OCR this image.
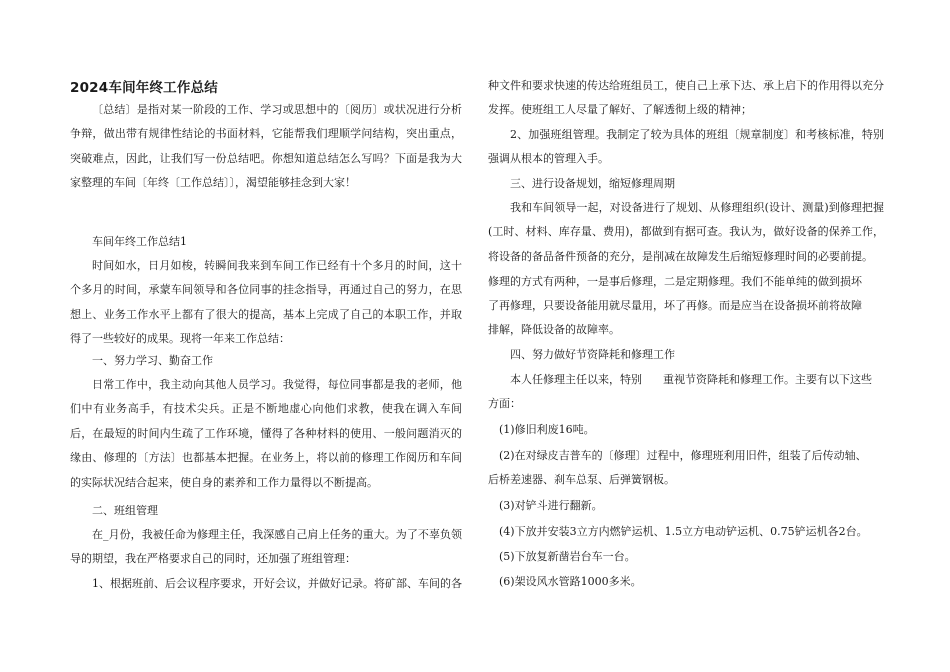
2024车间年终工作总结

〔总结〕是指对某一阶段的工作、学习或思想中的〔阅历〕或状况进行分析争辩，做出带有规律性结论的书面材料，它能帮我们理顺学问结构，突出重点，突破难点，因此，让我们写一份总结吧。你想知道总结怎么写吗？下面是我为大家整理的车间〔年终〔工作总结〕〕，渴望能够挂念到大家！

车间年终工作总结1

时间如水，日月如梭，转瞬间我来到车间工作已经有十个多月的时间，这十个多月的时间，承蒙车间领导和各位同事的挂念指导，再通过自己的努力，在思想上、业务工作水平上都有了很大的提高，基本上完成了自己的本职工作，并取得了一些较好的成果。现将一年来工作总结：

一、努力学习、勤奋工作

日常工作中，我主动向其他人员学习。我觉得，每位同事都是我的老师，他们中有业务高手，有技术尖兵。正是不断地虚心向他们求教，使我在调入车间后，在最短的时间内生疏了工作环境，懂得了各种材料的使用、一般问题消灭的缘由、修理的〔方法〕也都基本把握。在业务上，将以前的修理工作阅历和车间的实际状况结合起来，使自身的素养和工作力量得以不断提高。

二、班组管理

在_月份，我被任命为修理主任，我深感自己肩上任务的重大。为了不辜负领导的期望，我在严格要求自己的同时，还加强了班组管理：

1、根据班前、后会议程序要求，开好会议，并做好记录。将矿部、车间的各

种文件和要求快速的传达给班组员工，使自己上承下达、承上启下的作用得以充分发挥。使班组工人尽量了解好、了解透彻上级的精神；

2、加强班组管理。我制定了较为具体的班组〔规章制度〕和考核标准，特别强调从根本的管理入手。

三、进行设备规划，缩短修理周期

我和车间领导一起，对设备进行了规划、从修理组织(设计、测量)到修理把握(工时、材料、库存量、费用)，都做到有据可查。我认为，做好设备的保养工作，将设备的备品备件预备的充分，是削减在故障发生后缩短修理时间的必要前提。

修理的方式有两种，一是事后修理，二是定期修理。我们不能单纯的做到损坏

了再修理，只要设备能用就尽量用，坏了再修。而是应当在设备损坏前将故障

排解，降低设备的故障率。

四、努力做好节资降耗和修理工作

本人任修理主任以来，特别 重视节资降耗和修理工作。主要有以下这些

方面：

(1)修旧利废16吨。

(2)在对绿皮吉普车的〔修理〕过程中，修理班利用旧件，组装了后传动轴、

后桥差速器、刹车总泵、后弹簧钢板。

(3)对铲斗进行翻新。

(4)下放并安装3立方内燃铲运机、1.5立方电动铲运机、0.75铲运机各2台。

(5)下放复新凿岩台车一台。

(6)架设风水管路1000多米。
